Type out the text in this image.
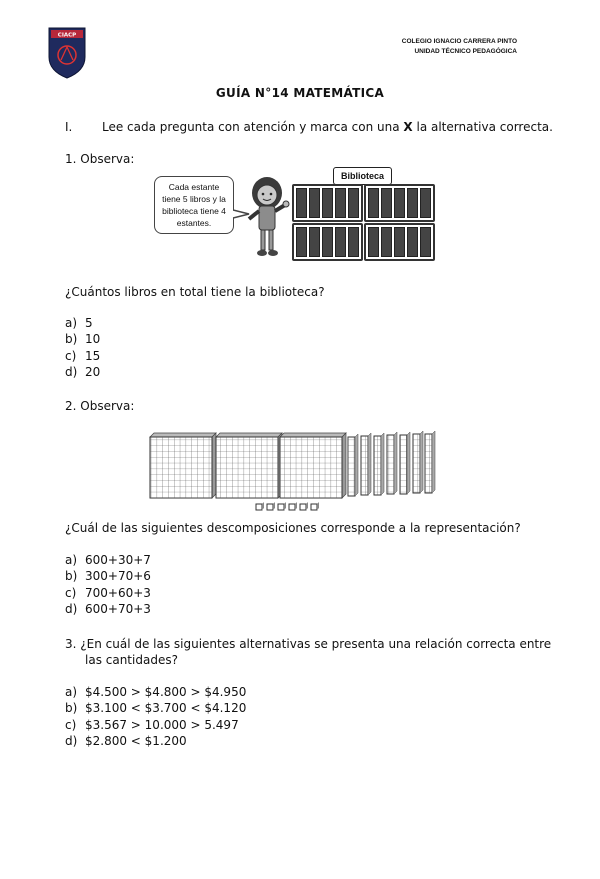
CIACP
COLEGIO IGNACIO CARRERA PINTO
UNIDAD TÉCNICO PEDAGÓGICA
GUÍA N°14 MATEMÁTICA
I. Lee cada pregunta con atención y marca con una X la alternativa correcta.
1. Observa:
Cada estante
tiene 5 libros y la
biblioteca tiene 4
estantes.
Biblioteca
¿Cuántos libros en total tiene la biblioteca?
a) 5
b) 10
c) 15
d) 20
2. Observa:
¿Cuál de las siguientes descomposiciones corresponde a la representación?
a) 600+30+7
b) 300+70+6
c) 700+60+3
d) 600+70+3
3. ¿En cuál de las siguientes alternativas se presenta una relación correcta entre
las cantidades?
a) $4.500 > $4.800 > $4.950
b) $3.100 < $3.700 < $4.120
c) $3.567 > 10.000 > 5.497
d) $2.800 < $1.200
